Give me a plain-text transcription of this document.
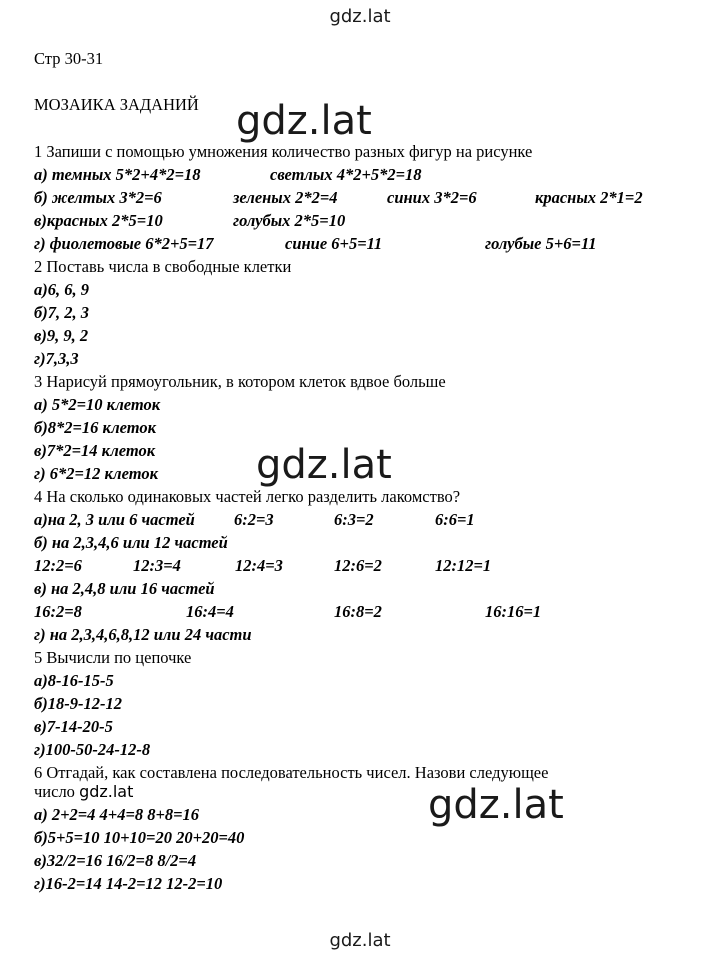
gdz.lat
Стр 30-31
МОЗАИКА ЗАДАНИЙ
1 Запиши с помощью умножения количество разных фигур на рисунке
а) темных 5*2+4*2=18	светлых 4*2+5*2=18
б) желтых 3*2=6	зеленых 2*2=4	синих 3*2=6	красных 2*1=2
в)красных 2*5=10	голубых 2*5=10
г) фиолетовые 6*2+5=17	синие 6+5=11	голубые 5+6=11
2 Поставь числа в свободные клетки
а)6, 6, 9
б)7, 2, 3
в)9, 9, 2
г)7,3,3
3 Нарисуй прямоугольник, в котором клеток вдвое больше
а) 5*2=10 клеток
б)8*2=16 клеток
в)7*2=14 клеток
г) 6*2=12 клеток
4 На сколько одинаковых частей легко разделить лакомство?
а)на 2, 3 или 6 частей 6:2=3	6:3=2	6:6=1
б) на 2,3,4,6 или 12 частей
12:2=6	12:3=4	12:4=3	12:6=2	12:12=1
в) на 2,4,8 или 16 частей
16:2=8	16:4=4	16:8=2	16:16=1
г) на 2,3,4,6,8,12 или 24 части
5 Вычисли по цепочке
а)8-16-15-5
б)18-9-12-12
в)7-14-20-5
г)100-50-24-12-8
6 Отгадай, как составлена последовательность чисел. Назови следующее
число gdz.lat
а) 2+2=4 4+4=8 8+8=16
б)5+5=10 10+10=20 20+20=40
в)32/2=16 16/2=8 8/2=4
г)16-2=14 14-2=12 12-2=10
gdz.lat
gdz.lat
gdz.lat
gdz.lat
